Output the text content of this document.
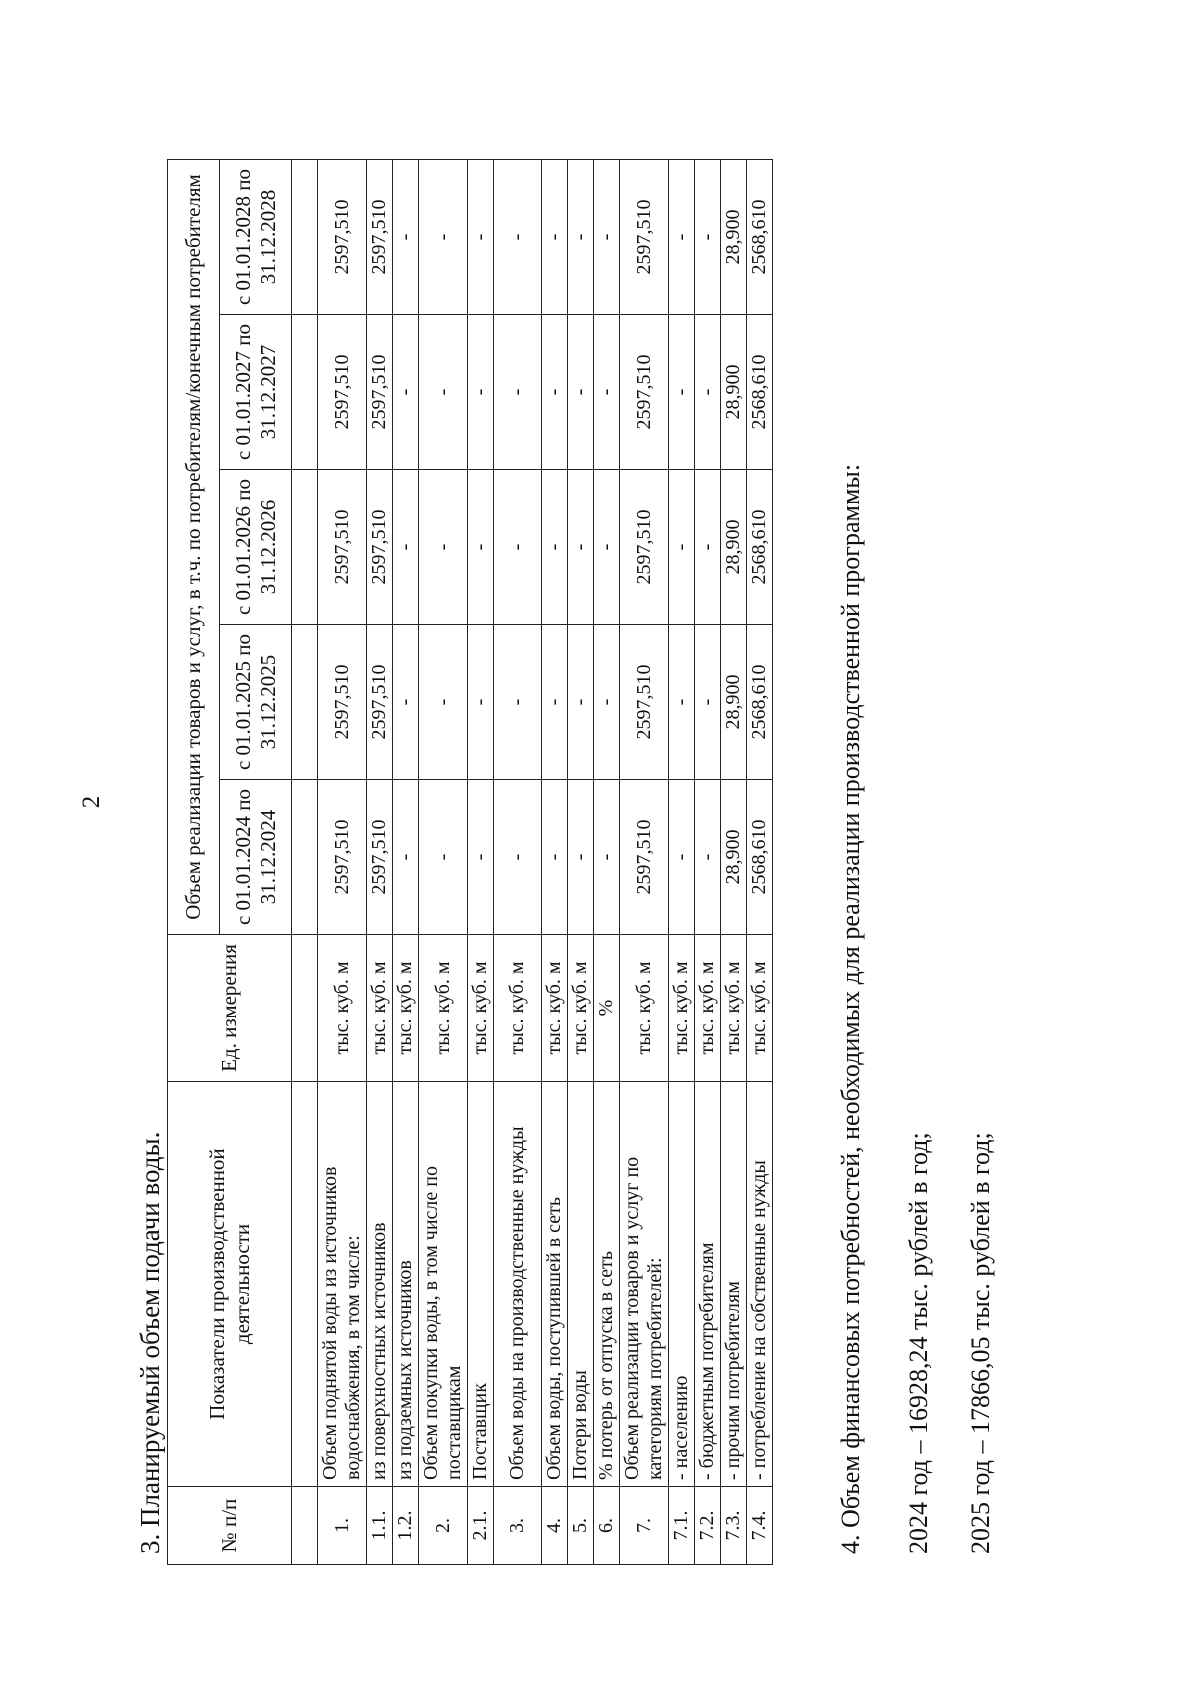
2
3. Планируемый объем подачи воды. № п/п	Показатели производственной деятельности	Ед. измерения	Объем реализации товаров и услуг, в т.ч. по потребителям/конечным потребителям				
			с 01.01.2024 по 31.12.2024	с 01.01.2025 по 31.12.2025	с 01.01.2026 по 31.12.2026	с 01.01.2027 по 31.12.2027	с 01.01.2028 по 31.12.2028

1.	Объем поднятой воды из источников водоснабжения, в том числе:	тыс. куб. м	2597,510	2597,510	2597,510	2597,510	2597,510
1.1.	из поверхностных источников	тыс. куб. м	2597,510	2597,510	2597,510	2597,510	2597,510
1.2.	из подземных источников	тыс. куб. м	-	-	-	-	-
2.	Объем покупки воды, в том числе по поставщикам	тыс. куб. м	-	-	-	-	-
2.1.	Поставщик	тыс. куб. м	-	-	-	-	-
3.	Объем воды на производственные нужды	тыс. куб. м	-	-	-	-	-
4.	Объем воды, поступившей в сеть	тыс. куб. м	-	-	-	-	-
5.	Потери воды	тыс. куб. м	-	-	-	-	-
6.	% потерь от отпуска в сеть	%	-	-	-	-	-
7.	Объем реализации товаров и услуг по категориям потребителей:	тыс. куб. м	2597,510	2597,510	2597,510	2597,510	2597,510
7.1.	- населению	тыс. куб. м	-	-	-	-	-
7.2.	- бюджетным потребителям	тыс. куб. м	-	-	-	-	-
7.3.	- прочим потребителям	тыс. куб. м	28,900	28,900	28,900	28,900	28,900
7.4.	- потребление на собственные нужды	тыс. куб. м	2568,610	2568,610	2568,610	2568,610	2568,610
4. Объем финансовых потребностей, необходимых для реализации производственной программы: 2024 год – 16928,24 тыс. рублей в год; 2025 год – 17866,05 тыс. рублей в год;
